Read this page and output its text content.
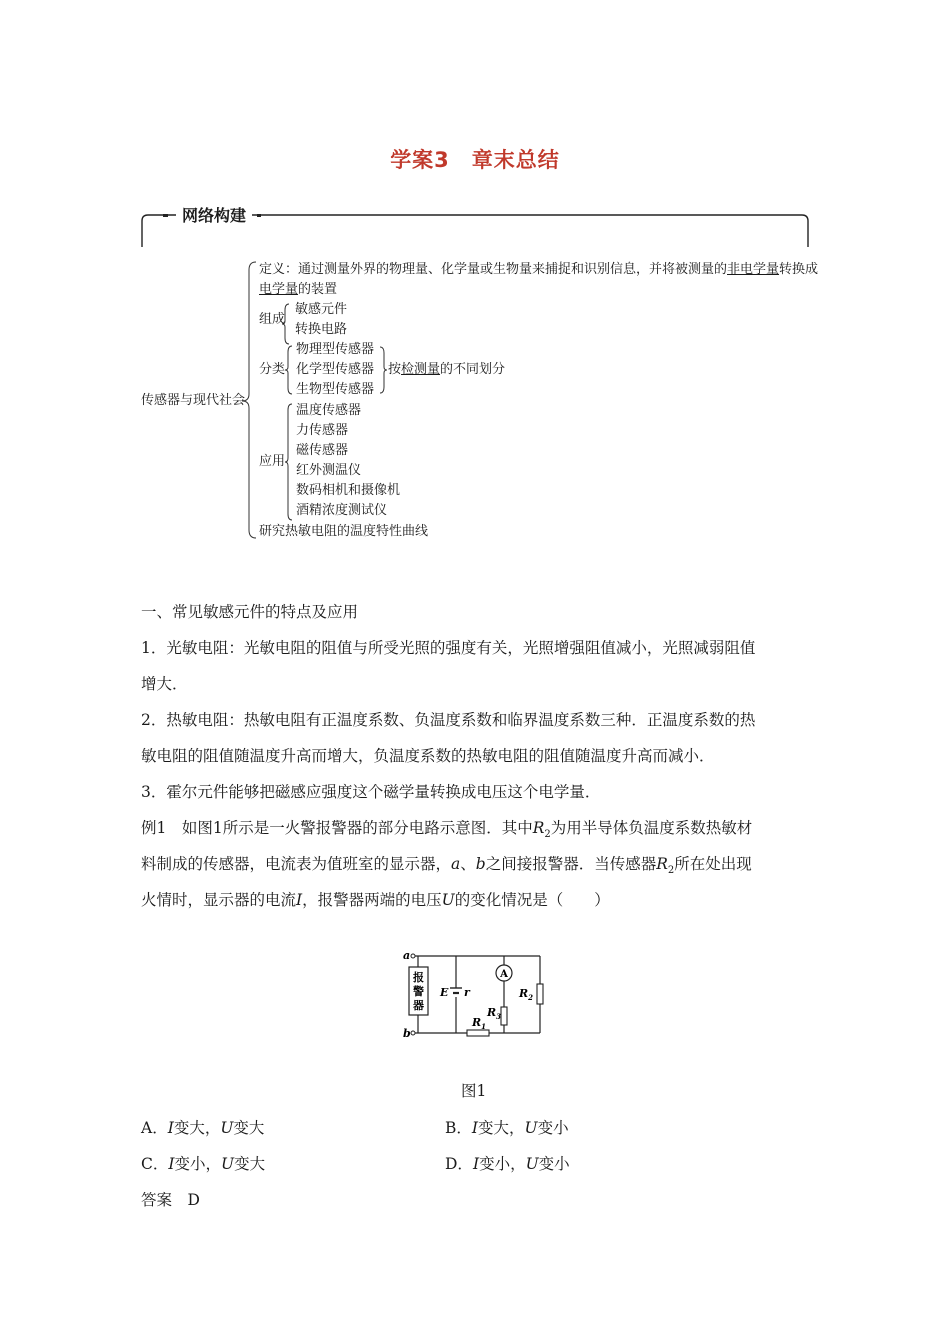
学案3　章末总结
网络构建
传感器与现代社会
定义：通过测量外界的物理量、化学量或生物量来捕捉和识别信息，并将被测量的非电学量转换成
电学量的装置
组成
敏感元件
转换电路
分类
物理型传感器
化学型传感器
生物型传感器
按检测量的不同划分
应用
温度传感器
力传感器
磁传感器
红外测温仪
数码相机和摄像机
酒精浓度测试仪
研究热敏电阻的温度特性曲线
一、常见敏感元件的特点及应用
1．光敏电阻：光敏电阻的阻值与所受光照的强度有关，光照增强阻值减小，光照减弱阻值
增大．
2．热敏电阻：热敏电阻有正温度系数、负温度系数和临界温度系数三种．正温度系数的热
敏电阻的阻值随温度升高而增大，负温度系数的热敏电阻的阻值随温度升高而减小．
3．霍尔元件能够把磁感应强度这个磁学量转换成电压这个电学量．
例1　如图1所示是一火警报警器的部分电路示意图．其中$R_2$为用半导体负温度系数热敏材
料制成的传感器，电流表为值班室的显示器，a、b之间接报警器．当传感器$R_2$所在处出现
火情时，显示器的电流I，报警器两端的电压U的变化情况是（　　）
a
b
报
警
器
E r
A
$R_3$
$R_1$
$R_2$
图1
A．I变大，U变大	B．I变大，U变小
C．I变小，U变大	D．I变小，U变小
答案　D
